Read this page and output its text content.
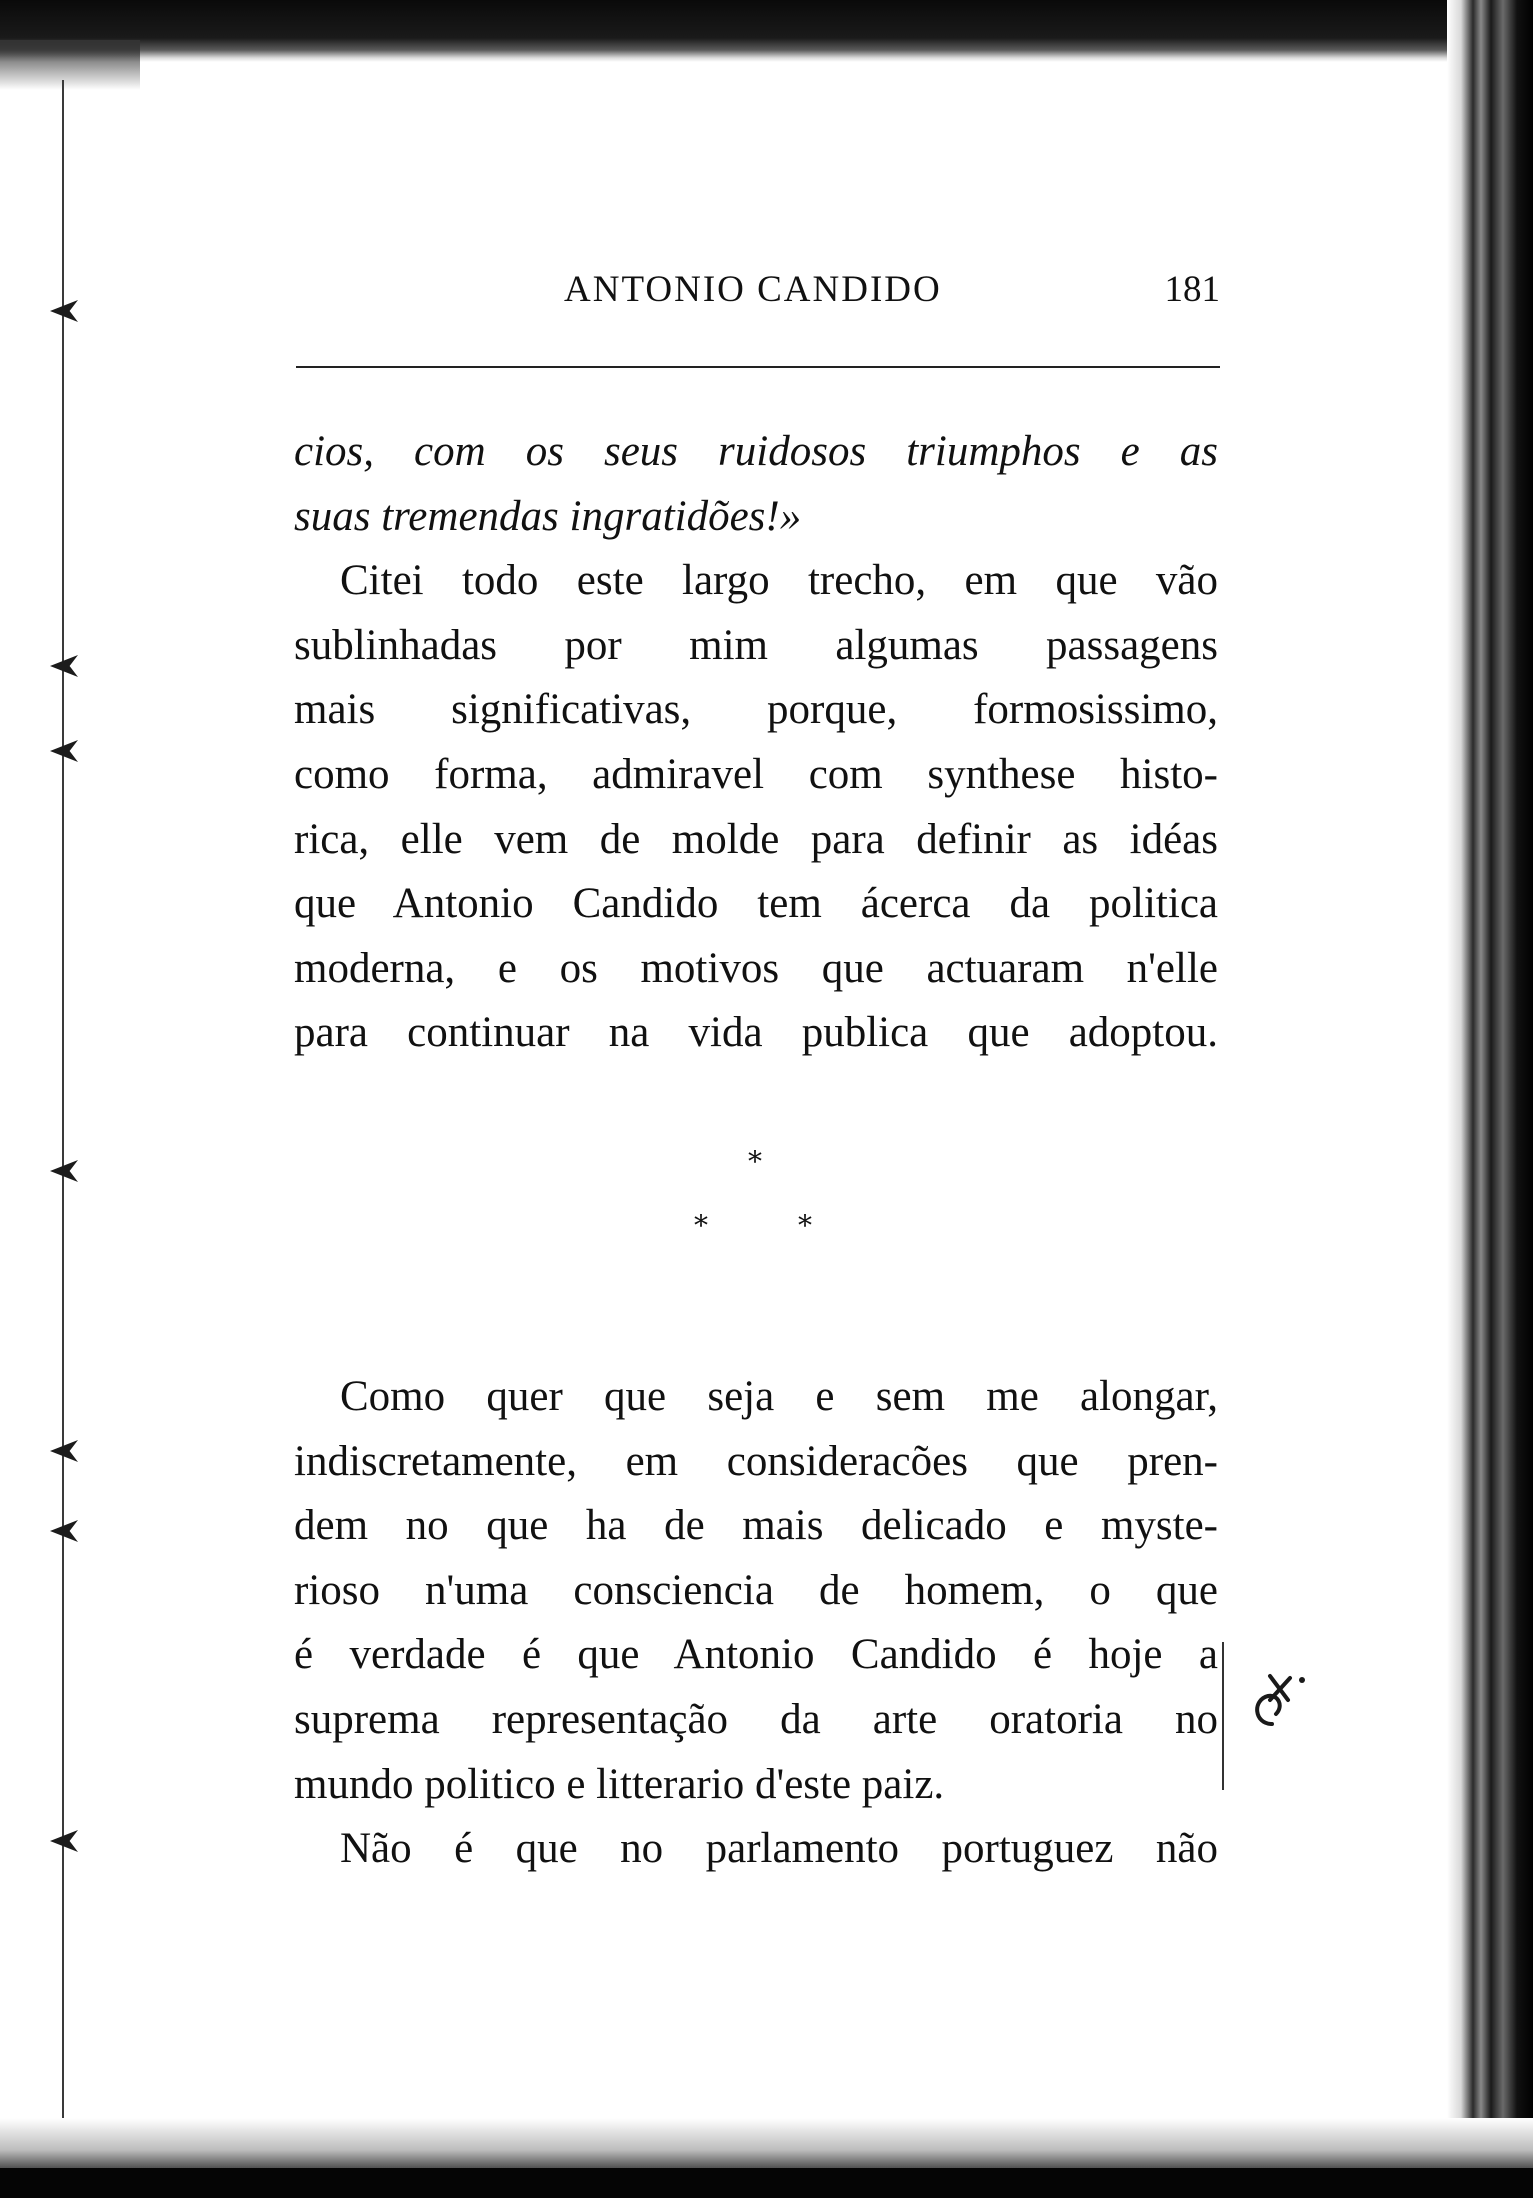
ANTONIO CANDIDO	181
cios, com os seus ruidosos triumphos e as
suas tremendas ingratidões!»
Citei todo este largo trecho, em que vão
sublinhadas por mim algumas passagens
mais significativas, porque, formosissimo,
como forma, admiravel com synthese histo-
rica, elle vem de molde para definir as idéas
que Antonio Candido tem ácerca da politica
moderna, e os motivos que actuaram n'elle
para continuar na vida publica que adoptou.
*
*	*
Como quer que seja e sem me alongar,
indiscretamente, em consideracões que pren-
dem no que ha de mais delicado e myste-
rioso n'uma consciencia de homem, o que
é verdade é que Antonio Candido é hoje a
suprema representação da arte oratoria no
mundo politico e litterario d'este paiz.
Não é que no parlamento portuguez não
